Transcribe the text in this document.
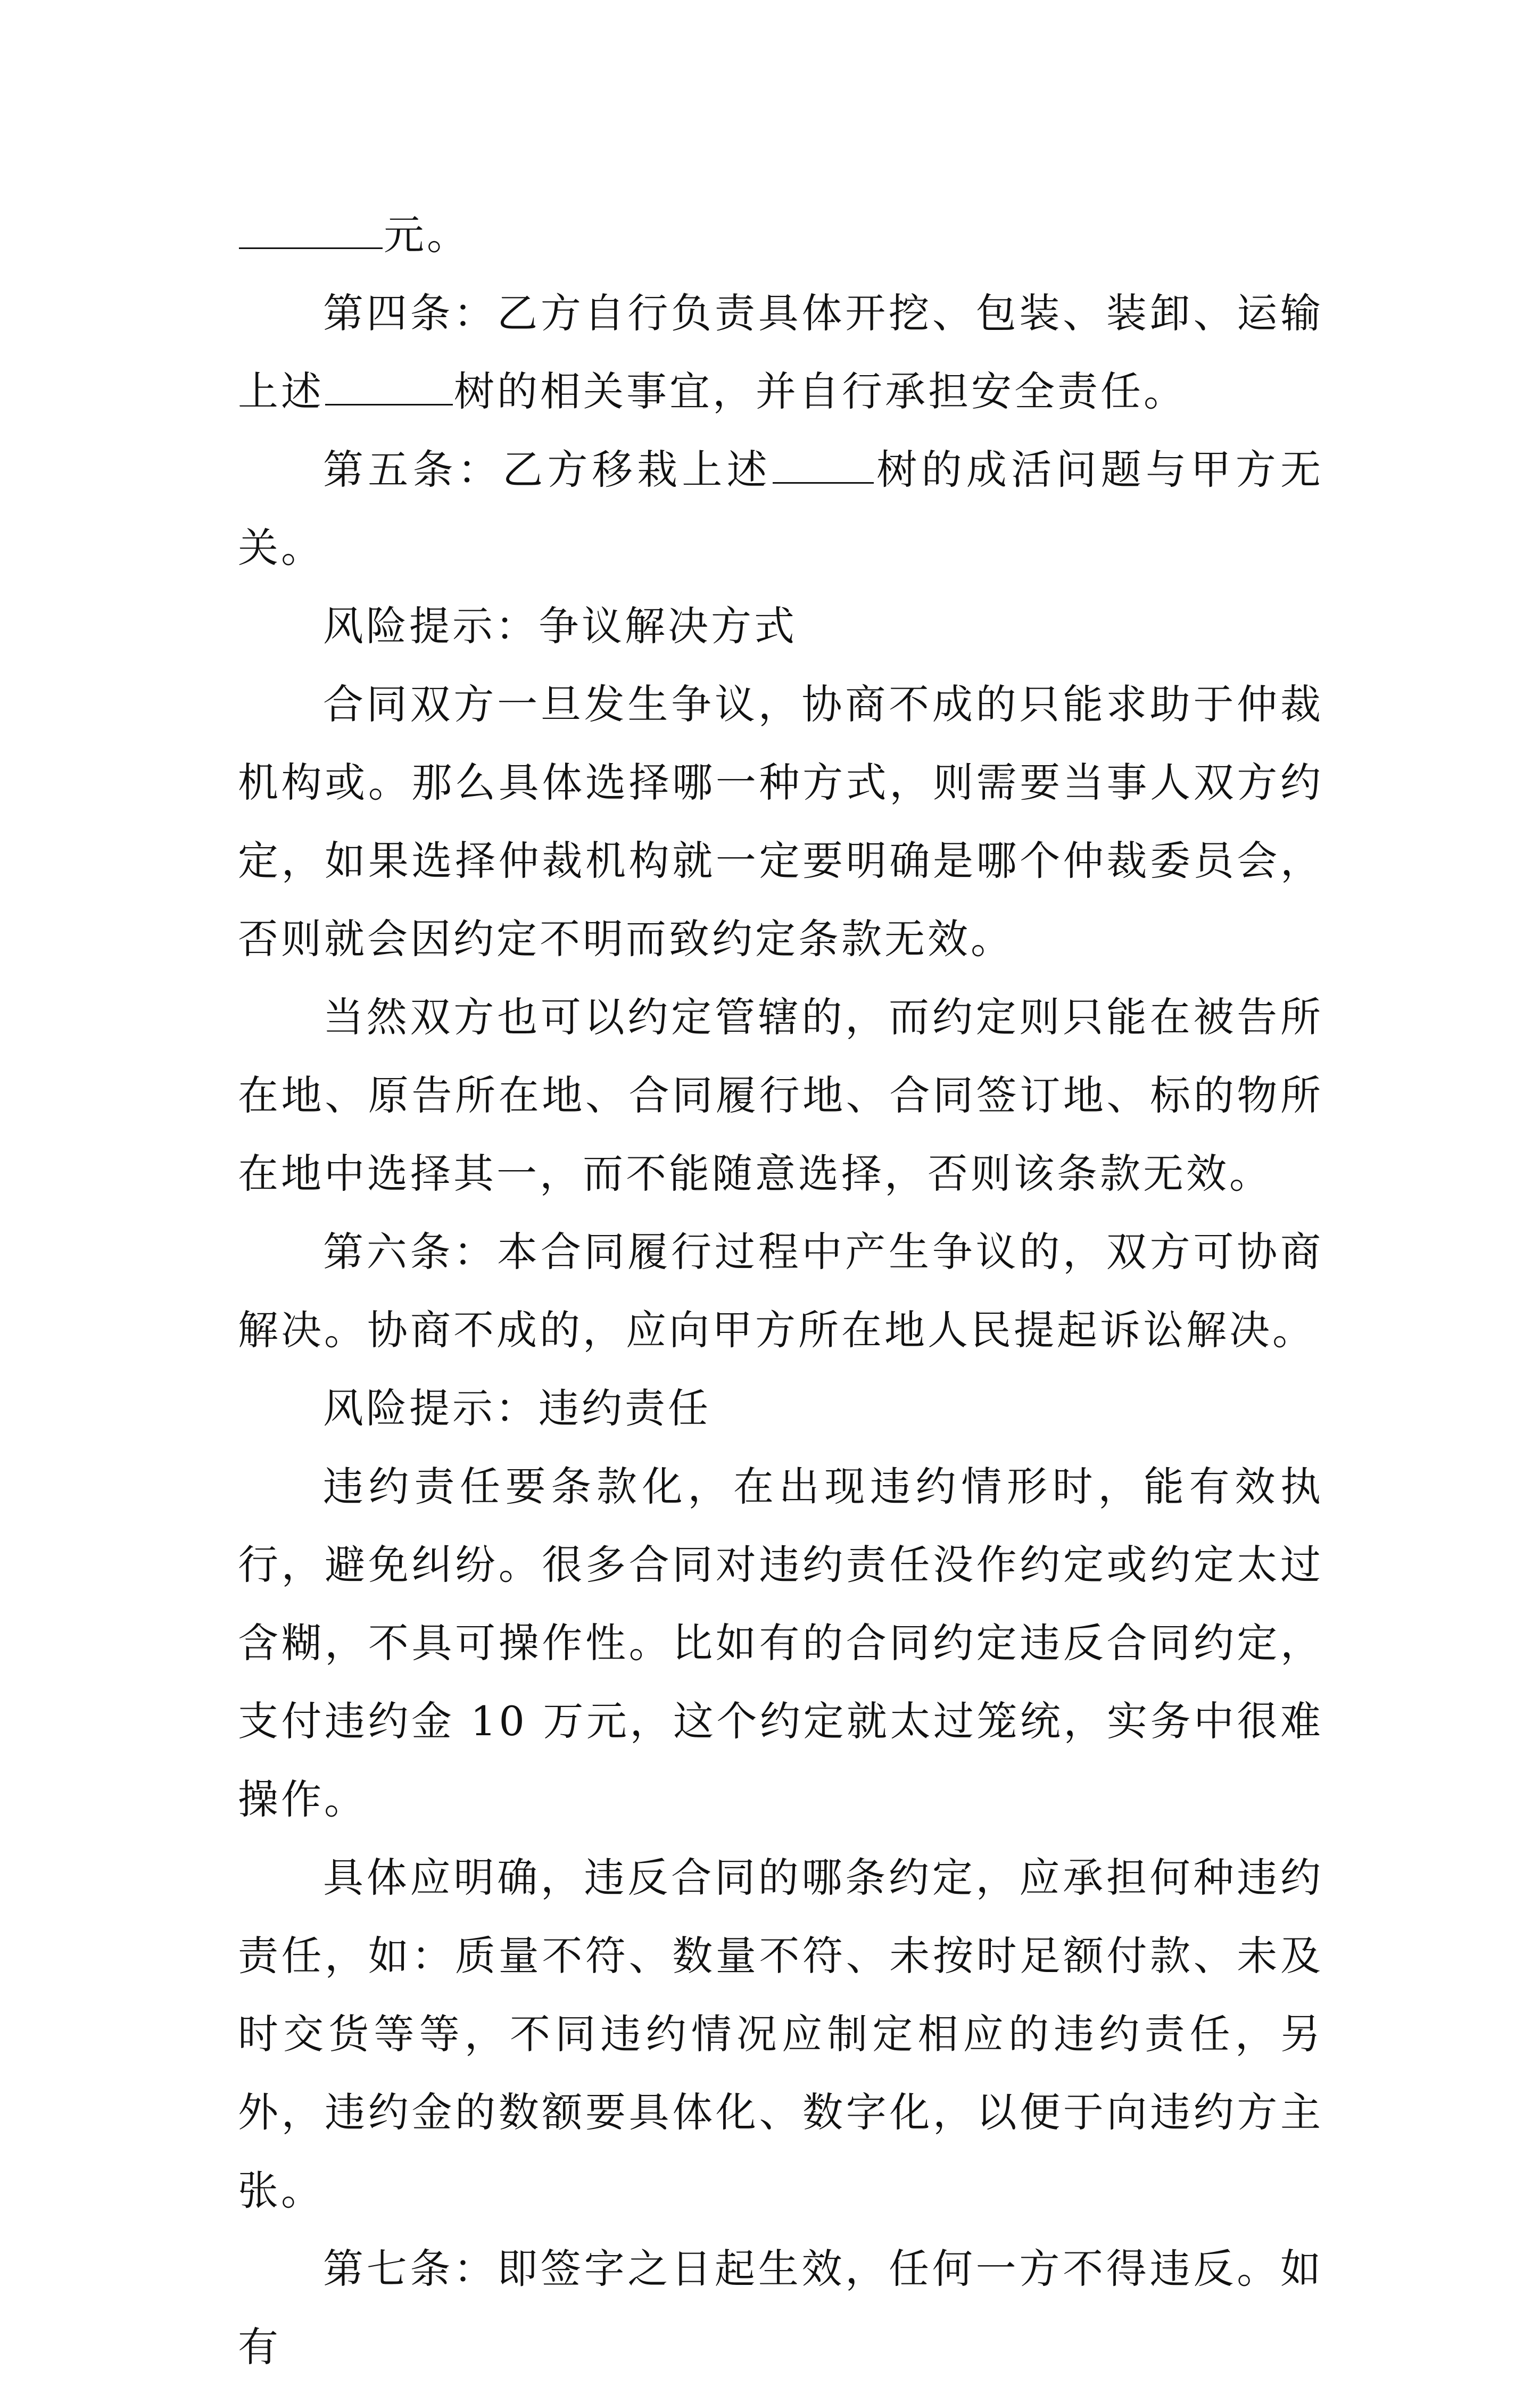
元。

第四条：乙方自行负责具体开挖、包装、装卸、运输上述	树的相关事宜，并自行承担安全责任。

第五条：乙方移栽上述	树的成活问题与甲方无关。

风险提示：争议解决方式

合同双方一旦发生争议，协商不成的只能求助于仲裁机构或。那么具体选择哪一种方式，则需要当事人双方约定，如果选择仲裁机构就一定要明确是哪个仲裁委员会，否则就会因约定不明而致约定条款无效。

当然双方也可以约定管辖的，而约定则只能在被告所在地、原告所在地、合同履行地、合同签订地、标的物所在地中选择其一，而不能随意选择，否则该条款无效。

第六条：本合同履行过程中产生争议的，双方可协商解决。协商不成的，应向甲方所在地人民提起诉讼解决。

风险提示：违约责任

违约责任要条款化，在出现违约情形时，能有效执行，避免纠纷。很多合同对违约责任没作约定或约定太过含糊，不具可操作性。比如有的合同约定违反合同约定，支付违约金 10 万元，这个约定就太过笼统，实务中很难操作。

具体应明确，违反合同的哪条约定，应承担何种违约责任，如：质量不符、数量不符、未按时足额付款、未及时交货等等，不同违约情况应制定相应的违约责任，另外，违约金的数额要具体化、数字化，以便于向违约方主张。

第七条：即签字之日起生效，任何一方不得违反。如有
